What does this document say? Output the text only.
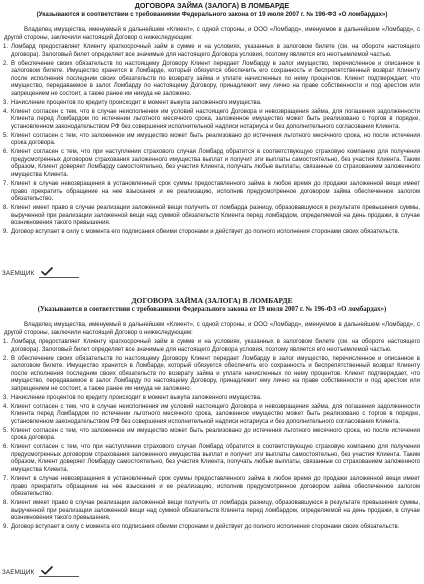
ДОГОВОРА ЗАЙМА (ЗАЛОГА) В ЛОМБАРДЕ
(Указываются в соответствии с требованиями Федерального закона от 19 июля 2007 г. № 196-ФЗ «О ломбардах»)

Владелец имущества, именуемый в дальнейшем «Клиент», с одной стороны, и ООО «Ломбард», именуемое в дальнейшем «Ломбард», с другой стороны, заключили настоящий Договор о нижеследующем:

1. Ломбард предоставляет Клиенту краткосрочный займ в сумме и на условиях, указанных в залоговом билете (см. на обороте настоящего договора). Залоговый билет определяет все значимые для настоящего Договора условия, поэтому является его неотъемлемой частью.
2. В обеспечение своих обязательств по настоящему Договору Клиент передает Ломбарду в залог имущество, перечисленное и описанное в залоговом билете. Имущество хранится в Ломбарде, который обязуется обеспечить его сохранность и беспрепятственный возврат Клиенту после исполнения последним своих обязательств по возврату займа и уплате начисленных по нему процентов. Клиент подтверждает, что имущество, передаваемое в залог Ломбарду по настоящему Договору, принадлежит ему лично на праве собственности и под арестом или запрещением не состоит, а также ранее им никуда не заложено.
3. Начисление процентов по кредиту происходит в момент выкупа заложенного имущества.
4. Клиент согласен с тем, что в случае неисполнения им условий настоящего Договора и невозвращения займа, для погашения задолженности Клиента перед Ломбардом по истечении льготного месячного срока, заложенное имущество может быть реализовано с торгов в порядке, установленном законодательством РФ без совершения исполнительной надписи нотариуса и без дополнительного согласования Клиента.
5. Клиент согласен с тем, что заложенное им имущество может быть реализовано до истечения льготного месячного срока, но после истечения срока договора.
6. Клиент согласен с тем, что при наступлении страхового случая Ломбард обратится в соответствующую страховую компанию для получения предусмотренных договором страхования заложенного имущества выплат и получит эти выплаты самостоятельно, без участия Клиента. Таким образом, Клиент доверяет Ломбарду самостоятельно, без участия Клиента, получать любые выплаты, связанные со страхованием заложенного имущества Клиента.
7. Клиент в случае невозвращения в установленный срок суммы предоставленного займа в любое время до продажи заложенной вещи имеет право прекратить обращение на нее взыскания и ее реализацию, исполнив предусмотренное договором займа обеспеченное залогом обязательство.
8. Клиент имеет право в случае реализации заложенной вещи получить от ломбарда разницу, образовавшуюся в результате превышения суммы, вырученной при реализации заложенной вещи над суммой обязательств Клиента перед ломбардом, определяемой на день продажи, в случае возникновения такого превышения.
9. Договор вступает в силу с момента его подписания обеими сторонами и действует до полного исполнения сторонами своих обязательств.
ЗАЕМЩИК
ДОГОВОРА ЗАЙМА (ЗАЛОГА) В ЛОМБАРДЕ
(Указываются в соответствии с требованиями Федерального закона от 19 июля 2007 г. № 196-ФЗ «О ломбардах»)

Владелец имущества, именуемый в дальнейшем «Клиент», с одной стороны, и ООО «Ломбард», именуемое в дальнейшем «Ломбард», с другой стороны, заключили настоящий Договор о нижеследующем:

1. Ломбард предоставляет Клиенту краткосрочный займ в сумме и на условиях, указанных в залоговом билете (см. на обороте настоящего договора). Залоговый билет определяет все значимые для настоящего Договора условия, поэтому является его неотъемлемой частью.
2. В обеспечение своих обязательств по настоящему Договору Клиент передает Ломбарду в залог имущество, перечисленное и описанное в залоговом билете. Имущество хранится в Ломбарде, который обязуется обеспечить его сохранность и беспрепятственный возврат Клиенту после исполнения последним своих обязательств по возврату займа и уплате начисленных по нему процентов. Клиент подтверждает, что имущество, передаваемое в залог Ломбарду по настоящему Договору, принадлежит ему лично на праве собственности и под арестом или запрещением не состоит, а также ранее им никуда не заложено.
3. Начисление процентов по кредиту происходит в момент выкупа заложенного имущества.
4. Клиент согласен с тем, что в случае неисполнения им условий настоящего Договора и невозвращения займа, для погашения задолженности Клиента перед Ломбардом по истечении льготного месячного срока, заложенное имущество может быть реализовано с торгов в порядке, установленном законодательством РФ без совершения исполнительной надписи нотариуса и без дополнительного согласования Клиента.
5. Клиент согласен с тем, что заложенное им имущество может быть реализовано до истечения льготного месячного срока, но после истечения срока договора.
6. Клиент согласен с тем, что при наступлении страхового случая Ломбард обратится в соответствующую страховую компанию для получения предусмотренных договором страхования заложенного имущества выплат и получит эти выплаты самостоятельно, без участия Клиента. Таким образом, Клиент доверяет Ломбарду самостоятельно, без участия Клиента, получать любые выплаты, связанные со страхованием заложенного имущества Клиента.
7. Клиент в случае невозвращения в установленный срок суммы предоставленного займа в любое время до продажи заложенной вещи имеет право прекратить обращение на нее взыскания и ее реализацию, исполнив предусмотренное договором займа обеспеченное залогом обязательство.
8. Клиент имеет право в случае реализации заложенной вещи получить от ломбарда разницу, образовавшуюся в результате превышения суммы, вырученной при реализации заложенной вещи над суммой обязательств Клиента перед ломбардом, определяемой на день продажи, в случае возникновения такого превышения.
9. Договор вступает в силу с момента его подписания обеими сторонами и действует до полного исполнения сторонами своих обязательств.
ЗАЕМЩИК
